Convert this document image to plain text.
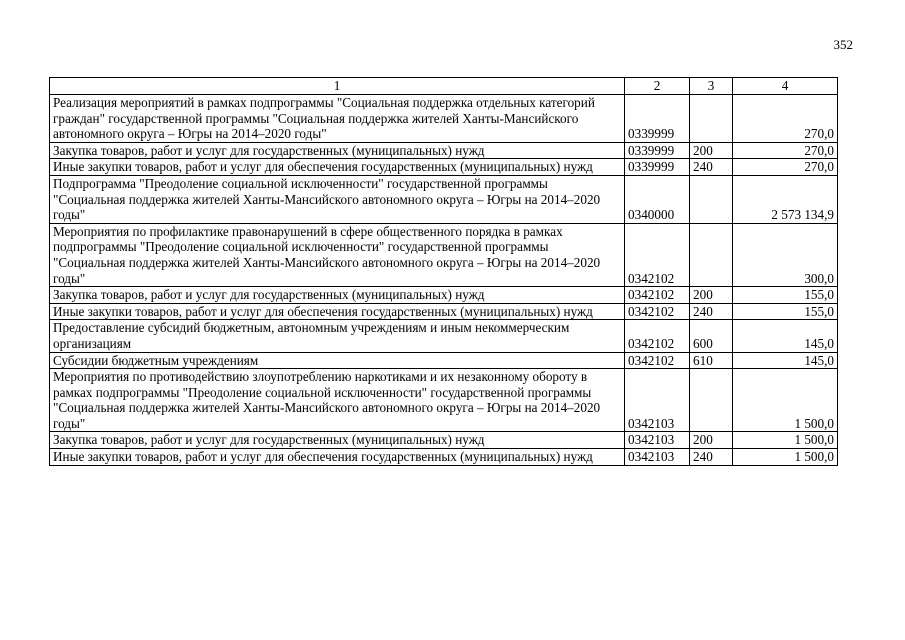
352
1	2	3	4
Реализация мероприятий в рамках подпрограммы "Социальная поддержка отдельных категорий граждан" государственной программы "Социальная поддержка жителей Ханты-Мансийского автономного округа – Югры на 2014–2020 годы"	0339999		270,0
Закупка товаров, работ и услуг для государственных (муниципальных) нужд	0339999	200	270,0
Иные закупки товаров, работ и услуг для обеспечения государственных (муниципальных) нужд	0339999	240	270,0
Подпрограмма "Преодоление социальной исключенности" государственной программы "Социальная поддержка жителей Ханты-Мансийского автономного округа – Югры на 2014–2020 годы"	0340000		2 573 134,9
Мероприятия по профилактике правонарушений в сфере общественного порядка в рамках подпрограммы "Преодоление социальной исключенности" государственной программы "Социальная поддержка жителей Ханты-Мансийского автономного округа – Югры на 2014–2020 годы"	0342102		300,0
Закупка товаров, работ и услуг для государственных (муниципальных) нужд	0342102	200	155,0
Иные закупки товаров, работ и услуг для обеспечения государственных (муниципальных) нужд	0342102	240	155,0
Предоставление субсидий бюджетным, автономным учреждениям и иным некоммерческим организациям	0342102	600	145,0
Субсидии бюджетным учреждениям	0342102	610	145,0
Мероприятия по противодействию злоупотреблению наркотиками и их незаконному обороту в рамках подпрограммы "Преодоление социальной исключенности" государственной программы "Социальная поддержка жителей Ханты-Мансийского автономного округа – Югры на 2014–2020 годы"	0342103		1 500,0
Закупка товаров, работ и услуг для государственных (муниципальных) нужд	0342103	200	1 500,0
Иные закупки товаров, работ и услуг для обеспечения государственных (муниципальных) нужд	0342103	240	1 500,0
